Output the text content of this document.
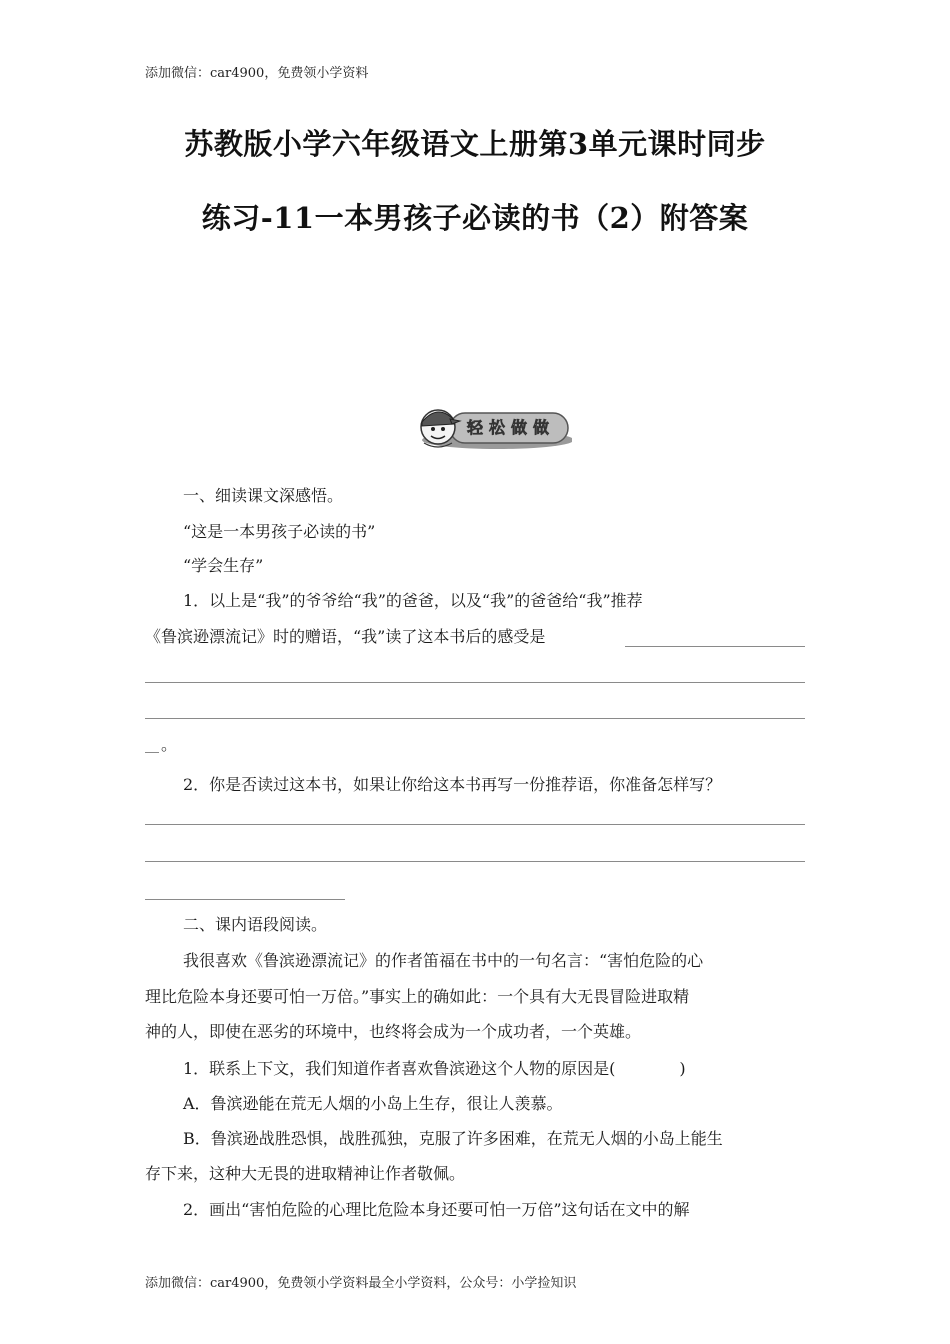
添加微信：car4900，免费领小学资料
苏教版小学六年级语文上册第3单元课时同步
练习-11一本男孩子必读的书（2）附答案
轻松做做
一、细读课文深感悟。
“这是一本男孩子必读的书”
“学会生存”
1．以上是“我”的爷爷给“我”的爸爸，以及“我”的爸爸给“我”推荐
《鲁滨逊漂流记》时的赠语，“我”读了这本书后的感受是
。
2．你是否读过这本书，如果让你给这本书再写一份推荐语，你准备怎样写？
二、课内语段阅读。
我很喜欢《鲁滨逊漂流记》的作者笛福在书中的一句名言：“害怕危险的心
理比危险本身还要可怕一万倍。”事实上的确如此：一个具有大无畏冒险进取精
神的人，即使在恶劣的环境中，也终将会成为一个成功者，一个英雄。
1．联系上下文，我们知道作者喜欢鲁滨逊这个人物的原因是(　　　　)
A．鲁滨逊能在荒无人烟的小岛上生存，很让人羡慕。
B．鲁滨逊战胜恐惧，战胜孤独，克服了许多困难，在荒无人烟的小岛上能生
存下来，这种大无畏的进取精神让作者敬佩。
2．画出“害怕危险的心理比危险本身还要可怕一万倍”这句话在文中的解
添加微信：car4900，免费领小学资料最全小学资料，公众号：小学捡知识
